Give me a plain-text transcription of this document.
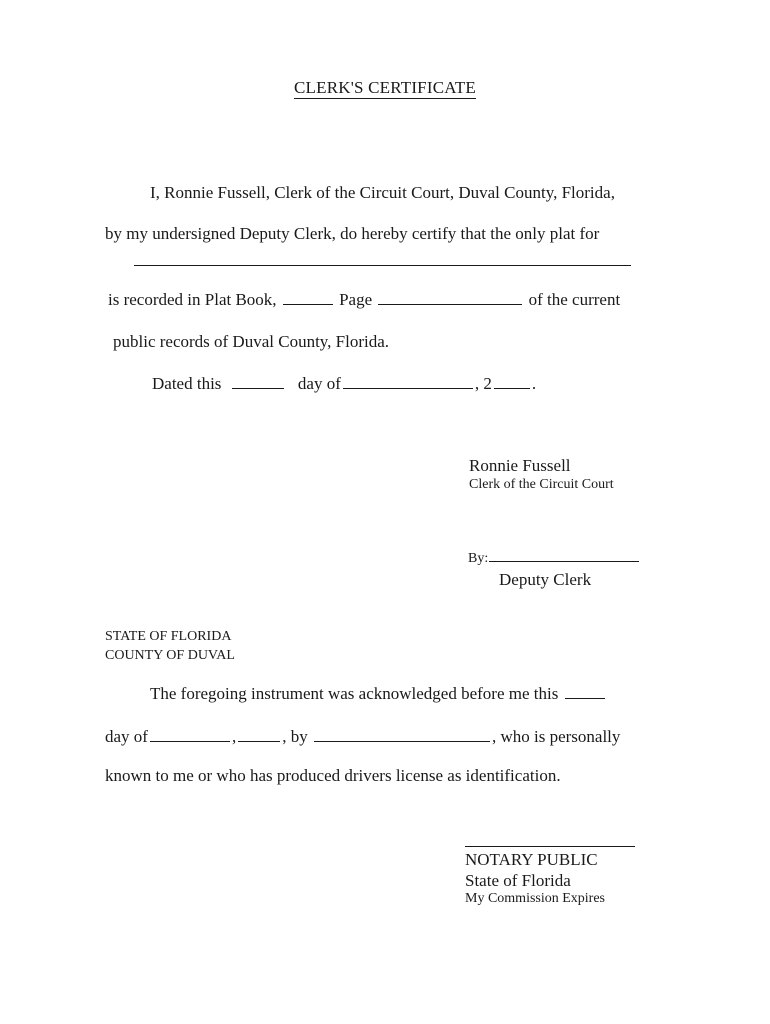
CLERK'S CERTIFICATE
I, Ronnie Fussell, Clerk of the Circuit Court, Duval County, Florida,
by my undersigned Deputy Clerk, do hereby certify that the only plat for
is recorded in Plat Book,	Page	of the current
public records of Duval County, Florida.
Dated this	day of	, 2 .
Ronnie Fussell
Clerk of the Circuit Court
By:
Deputy Clerk
STATE OF FLORIDA
COUNTY OF DUVAL
The foregoing instrument was acknowledged before me this
day of	,	, by	, who is personally
known to me or who has produced drivers license as identification.
NOTARY PUBLIC
State of Florida
My Commission Expires
